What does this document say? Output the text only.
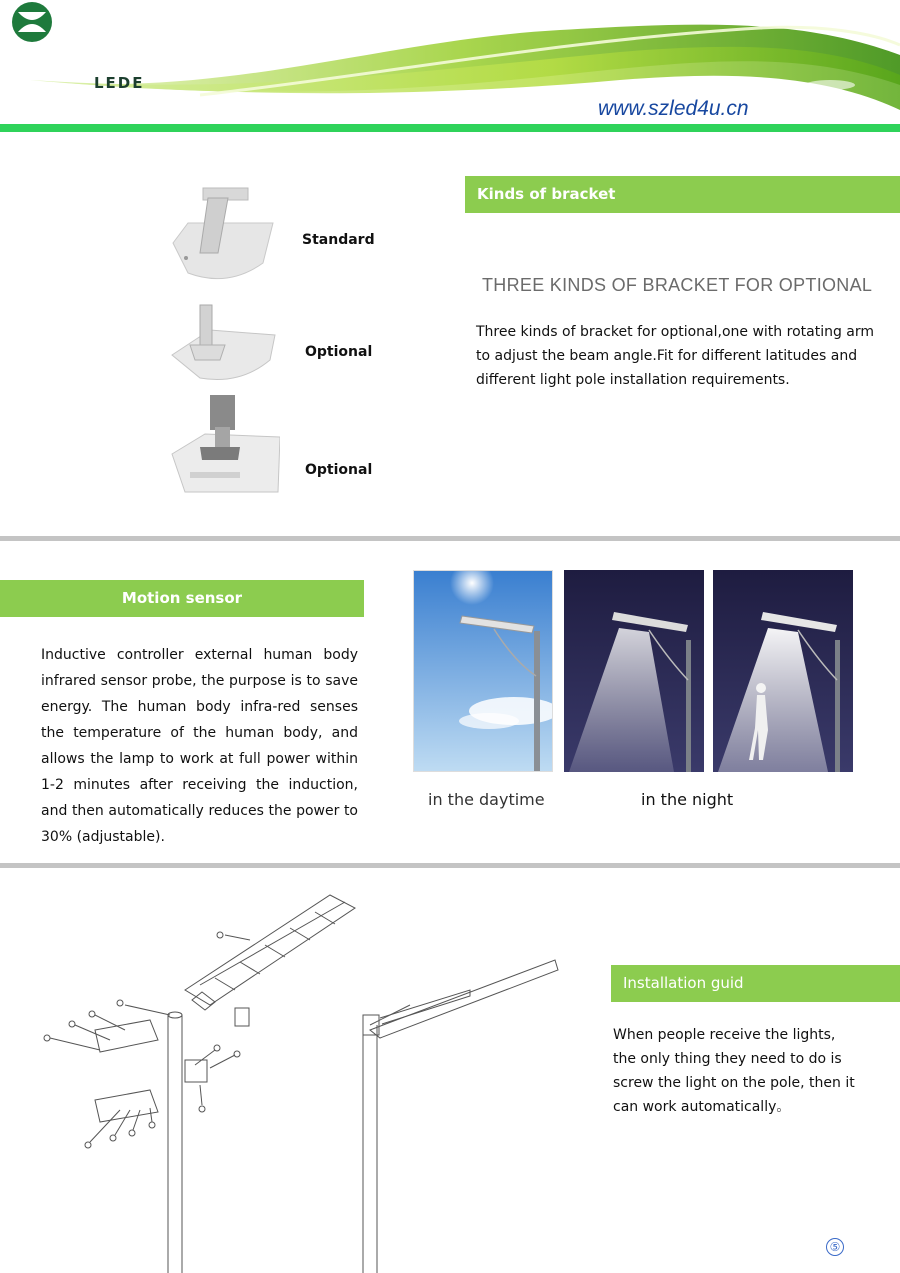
LEDE
www.szled4u.cn
Standard
Optional
Optional
Kinds of bracket
THREE KINDS OF BRACKET FOR OPTIONAL
Three kinds of bracket for optional,one with rotating arm to adjust the beam angle.Fit for different latitudes and different light pole installation requirements.
Motion sensor
Inductive controller external human body infrared sensor probe, the purpose is to save energy. The human body infra-red senses the temperature of the human body, and allows the lamp to work at full power within 1-2 minutes after receiving the induction, and then automatically reduces the power to 30% (adjustable).
in the daytime	in the night
Installation guid
When people receive the lights, the only thing they need to do is screw the light on the pole, then it can work automatically。
⑤
